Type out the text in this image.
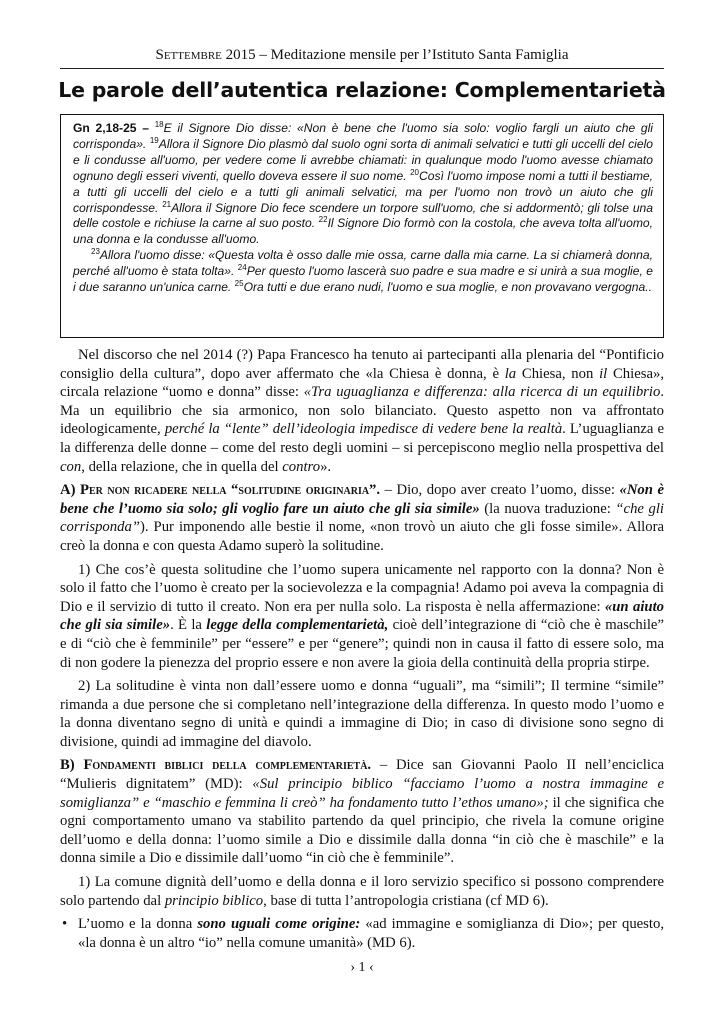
Settembre 2015 – Meditazione mensile per l’Istituto Santa Famiglia
Le parole dell’autentica relazione: Complementarietà

Gn 2,18-25 – $^{18}$E il Signore Dio disse: «Non è bene che l'uomo sia solo: voglio fargli un aiuto che gli corrisponda». $^{19}$Allora il Signore Dio plasmò dal suolo ogni sorta di animali selvatici e tutti gli uccelli del cielo e li condusse all'uomo, per vedere come li avrebbe chiamati: in qualunque modo l'uomo avesse chiamato ognuno degli esseri viventi, quello doveva essere il suo nome. $^{20}$Così l'uomo impose nomi a tutti il bestiame, a tutti gli uccelli del cielo e a tutti gli animali selvatici, ma per l'uomo non trovò un aiuto che gli corrispondesse. $^{21}$Allora il Signore Dio fece scendere un torpore sull'uomo, che si addormentò; gli tolse una delle costole e richiuse la carne al suo posto. $^{22}$Il Signore Dio formò con la costola, che aveva tolta all'uomo, una donna e la condusse all'uomo.

$^{23}$Allora l'uomo disse: «Questa volta è osso dalle mie ossa, carne dalla mia carne. La si chiamerà donna, perché all'uomo è stata tolta». $^{24}$Per questo l'uomo lascerà suo padre e sua madre e si unirà a sua moglie, e i due saranno un'unica carne. $^{25}$Ora tutti e due erano nudi, l'uomo e sua moglie, e non provavano vergogna..

Nel discorso che nel 2014 (?) Papa Francesco ha tenuto ai partecipanti alla plenaria del “Pontificio consiglio della cultura”, dopo aver affermato che «la Chiesa è donna, è la Chiesa, non il Chiesa», circala relazione “uomo e donna” disse: «Tra uguaglianza e differenza: alla ricerca di un equilibrio. Ma un equilibrio che sia armonico, non solo bilanciato. Questo aspetto non va affrontato ideologicamente, perché la “lente” dell’ideologia impedisce di vedere bene la realtà. L’uguaglianza e la differenza delle donne – come del resto degli uomini – si percepiscono meglio nella prospettiva del con, della relazione, che in quella del contro».

A) Per non ricadere nella “solitudine originaria”. – Dio, dopo aver creato l’uomo, disse: «Non è bene che l’uomo sia solo; gli voglio fare un aiuto che gli sia simile» (la nuova traduzione: “che gli corrisponda”). Pur imponendo alle bestie il nome, «non trovò un aiuto che gli fosse simile». Allora creò la donna e con questa Adamo superò la solitudine.

1) Che cos’è questa solitudine che l’uomo supera unicamente nel rapporto con la donna? Non è solo il fatto che l’uomo è creato per la socievolezza e la compagnia! Adamo poi aveva la compagnia di Dio e il servizio di tutto il creato. Non era per nulla solo. La risposta è nella affermazione: «un aiuto che gli sia simile». È la legge della complementarietà, cioè dell’integrazione di “ciò che è maschile” e di “ciò che è femminile” per “essere” e per “genere”; quindi non in causa il fatto di essere solo, ma di non godere la pienezza del proprio essere e non avere la gioia della continuità della propria stirpe.

2) La solitudine è vinta non dall’essere uomo e donna “uguali”, ma “simili”; Il termine “simile” rimanda a due persone che si completano nell’integrazione della differenza. In questo modo l’uomo e la donna diventano segno di unità e quindi a immagine di Dio; in caso di divisione sono segno di divisione, quindi ad immagine del diavolo.

B) Fondamenti biblici della complementarietà. – Dice san Giovanni Paolo II nell’enciclica “Mulieris dignitatem” (MD): «Sul principio biblico “facciamo l’uomo a nostra immagine e somiglianza” e “maschio e femmina li creò” ha fondamento tutto l’ethos umano»; il che significa che ogni comportamento umano va stabilito partendo da quel principio, che rivela la comune origine dell’uomo e della donna: l’uomo simile a Dio e dissimile dalla donna “in ciò che è maschile” e la donna simile a Dio e dissimile dall’uomo “in ciò che è femminile”.

1) La comune dignità dell’uomo e della donna e il loro servizio specifico si possono comprendere solo partendo dal principio biblico, base di tutta l’antropologia cristiana (cf MD 6).

• L’uomo e la donna sono uguali come origine: «ad immagine e somiglianza di Dio»; per questo, «la donna è un altro “io” nella comune umanità» (MD 6).
› 1 ‹
